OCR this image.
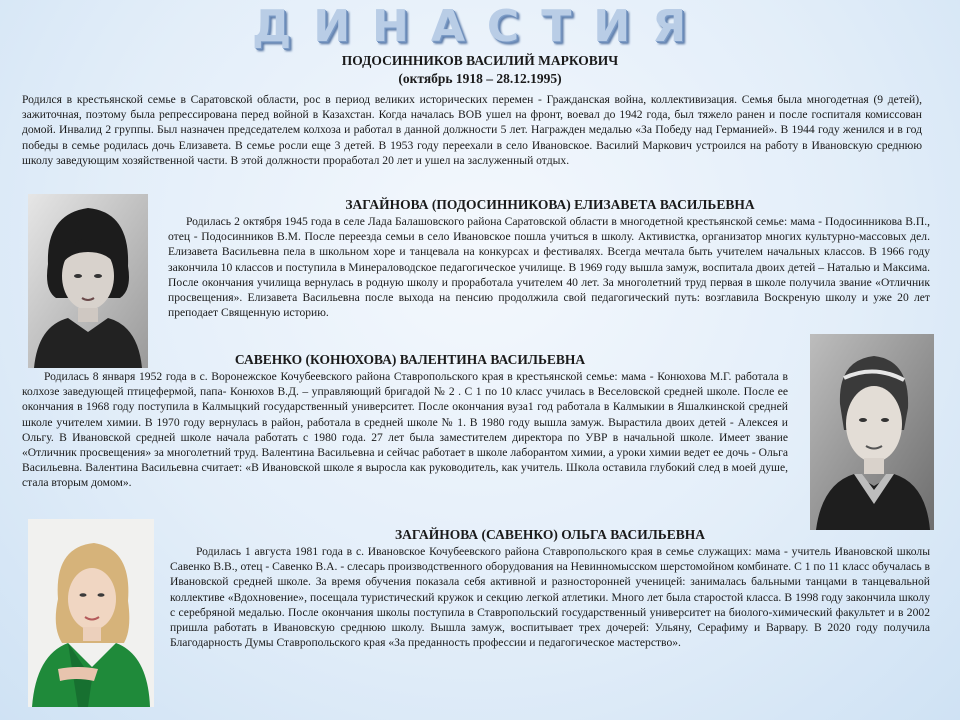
ДИНАСТИЯ
ПОДОСИННИКОВ ВАСИЛИЙ МАРКОВИЧ
(октябрь 1918 – 28.12.1995)

Родился в крестьянской семье в Саратовской области, рос в период великих исторических перемен - Гражданская война, коллективизация. Семья была многодетная (9 детей), зажиточная, поэтому была репрессирована перед войной в Казахстан. Когда началась ВОВ ушел на фронт, воевал до 1942 года, был тяжело ранен и после госпиталя комиссован домой. Инвалид 2 группы. Был назначен председателем колхоза и работал в данной должности 5 лет. Награжден медалью «За Победу над Германией». В 1944 году женился и в год победы в семье родилась дочь Елизавета. В семье росли еще 3 детей. В 1953 году переехали в село Ивановское. Василий Маркович устроился на работу в Ивановскую среднюю школу заведующим хозяйственной части. В этой должности проработал 20 лет и ушел на заслуженный отдых.

ЗАГАЙНОВА (ПОДОСИННИКОВА) ЕЛИЗАВЕТА ВАСИЛЬЕВНА

Родилась 2 октября 1945 года в селе Лада Балашовского района Саратовской области в многодетной крестьянской семье: мама - Подосинникова В.П., отец - Подосинников В.М. После переезда семьи в село Ивановское пошла учиться в школу. Активистка, организатор многих культурно-массовых дел. Елизавета Васильевна пела в школьном хоре и танцевала на конкурсах и фестивалях. Всегда мечтала быть учителем начальных классов. В 1966 году закончила 10 классов и поступила в Минераловодское педагогическое училище. В 1969 году вышла замуж, воспитала двоих детей – Наталью и Максима. После окончания училища вернулась в родную школу и проработала учителем 40 лет. За многолетний труд первая в школе получила звание «Отличник просвещения». Елизавета Васильевна после выхода на пенсию продолжила свой педагогический путь: возглавила Воскреную школу и уже 20 лет преподает Священную историю.

САВЕНКО (КОНЮХОВА) ВАЛЕНТИНА ВАСИЛЬЕВНА

Родилась 8 января 1952 года в с. Воронежское Кочубеевского района Ставропольского края в крестьянской семье: мама - Конюхова М.Г. работала в колхозе заведующей птицефермой, папа- Конюхов В.Д. – управляющий бригадой № 2 . С 1 по 10 класс училась в Веселовской средней школе. После ее окончания в 1968 году поступила в Калмыцкий государственный университет. После окончания вуза1 год работала в Калмыкии в Яшалкинской средней школе учителем химии. В 1970 году вернулась в район, работала в средней школе № 1. В 1980 году вышла замуж. Вырастила двоих детей - Алексея и Ольгу. В Ивановской средней школе начала работать с 1980 года. 27 лет была заместителем директора по УВР в начальной школе. Имеет звание «Отличник просвещения» за многолетний труд. Валентина Васильевна и сейчас работает в школе лаборантом химии, а уроки химии ведет ее дочь - Ольга Васильевна. Валентина Васильевна считает: «В Ивановской школе я выросла как руководитель, как учитель. Школа оставила глубокий след в моей душе, стала вторым домом».

ЗАГАЙНОВА (САВЕНКО) ОЛЬГА ВАСИЛЬЕВНА

Родилась 1 августа 1981 года в с. Ивановское Кочубеевского района Ставропольского края в семье служащих: мама - учитель Ивановской школы Савенко В.В., отец - Савенко В.А. - слесарь производственного оборудования на Невинномысском шерстомойном комбинате. С 1 по 11 класс обучалась в Ивановской средней школе. За время обучения показала себя активной и разносторонней ученицей: занималась бальными танцами в танцевальной коллективе «Вдохновение», посещала туристический кружок и секцию легкой атлетики. Много лет была старостой класса. В 1998 году закончила школу с серебряной медалью. После окончания школы поступила в Ставропольский государственный университет на биолого-химический факультет и в 2002 пришла работать в Ивановскую среднюю школу. Вышла замуж, воспитывает трех дочерей: Ульяну, Серафиму и Варвару. В 2020 году получила Благодарность Думы Ставропольского края «За преданность профессии и педагогическое мастерство».
